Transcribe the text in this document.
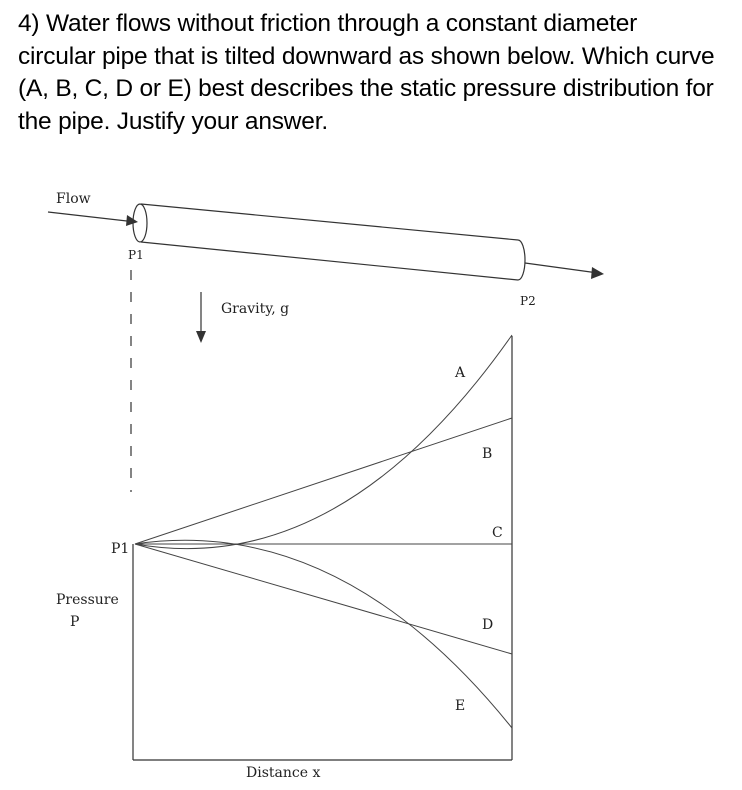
4) Water flows without friction through a constant diameter circular pipe that is tilted downward as shown below. Which curve (A, B, C, D or E) best describes the static pressure distribution for the pipe. Justify your answer.
Flow
P1
P2
Gravity, g
P1
Pressure
P
Distance x
A
B
C
D
E
